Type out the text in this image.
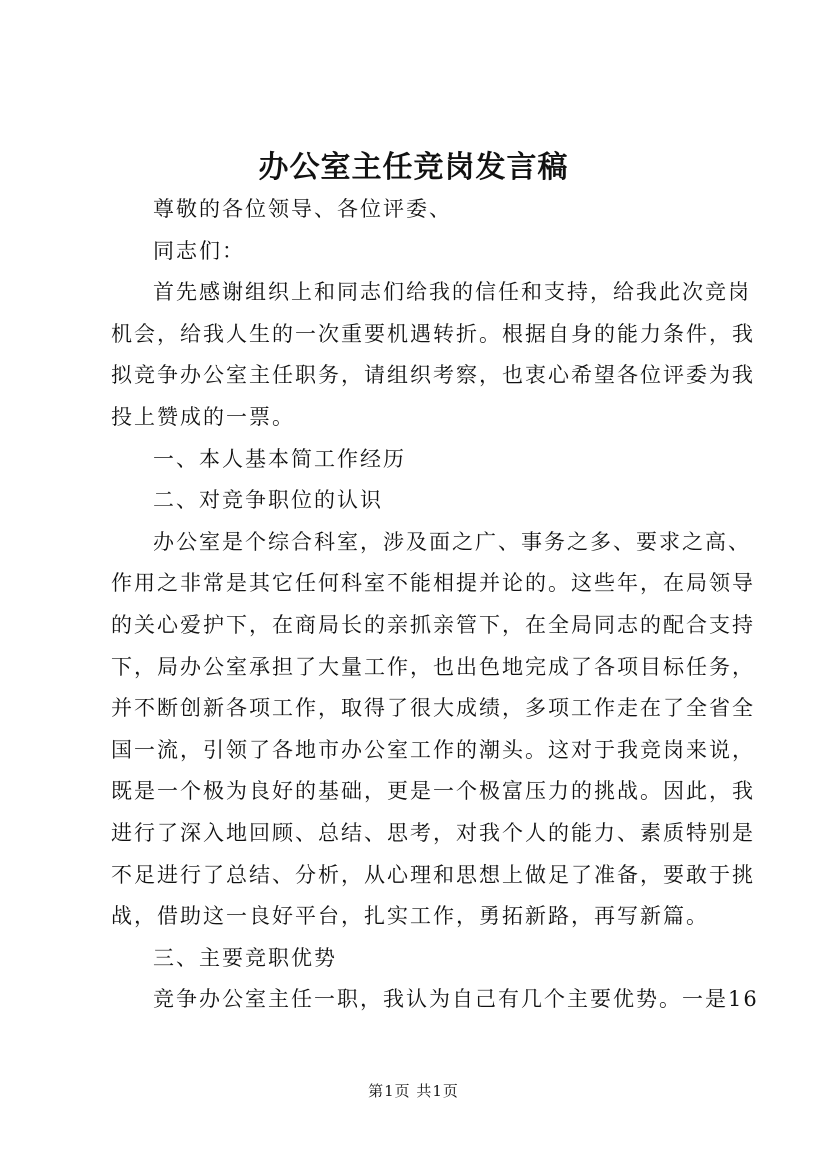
办公室主任竞岗发言稿

尊敬的各位领导、各位评委、

同志们：

首先感谢组织上和同志们给我的信任和支持，给我此次竞岗
机会，给我人生的一次重要机遇转折。根据自身的能力条件，我
拟竞争办公室主任职务，请组织考察，也衷心希望各位评委为我
投上赞成的一票。

一、本人基本简工作经历

二、对竞争职位的认识

办公室是个综合科室，涉及面之广、事务之多、要求之高、
作用之非常是其它任何科室不能相提并论的。这些年，在局领导
的关心爱护下，在商局长的亲抓亲管下，在全局同志的配合支持
下，局办公室承担了大量工作，也出色地完成了各项目标任务，
并不断创新各项工作，取得了很大成绩，多项工作走在了全省全
国一流，引领了各地市办公室工作的潮头。这对于我竞岗来说，
既是一个极为良好的基础，更是一个极富压力的挑战。因此，我
进行了深入地回顾、总结、思考，对我个人的能力、素质特别是
不足进行了总结、分析，从心理和思想上做足了准备，要敢于挑
战，借助这一良好平台，扎实工作，勇拓新路，再写新篇。

三、主要竞职优势

竞争办公室主任一职，我认为自己有几个主要优势。一是16

第1页 共1页
